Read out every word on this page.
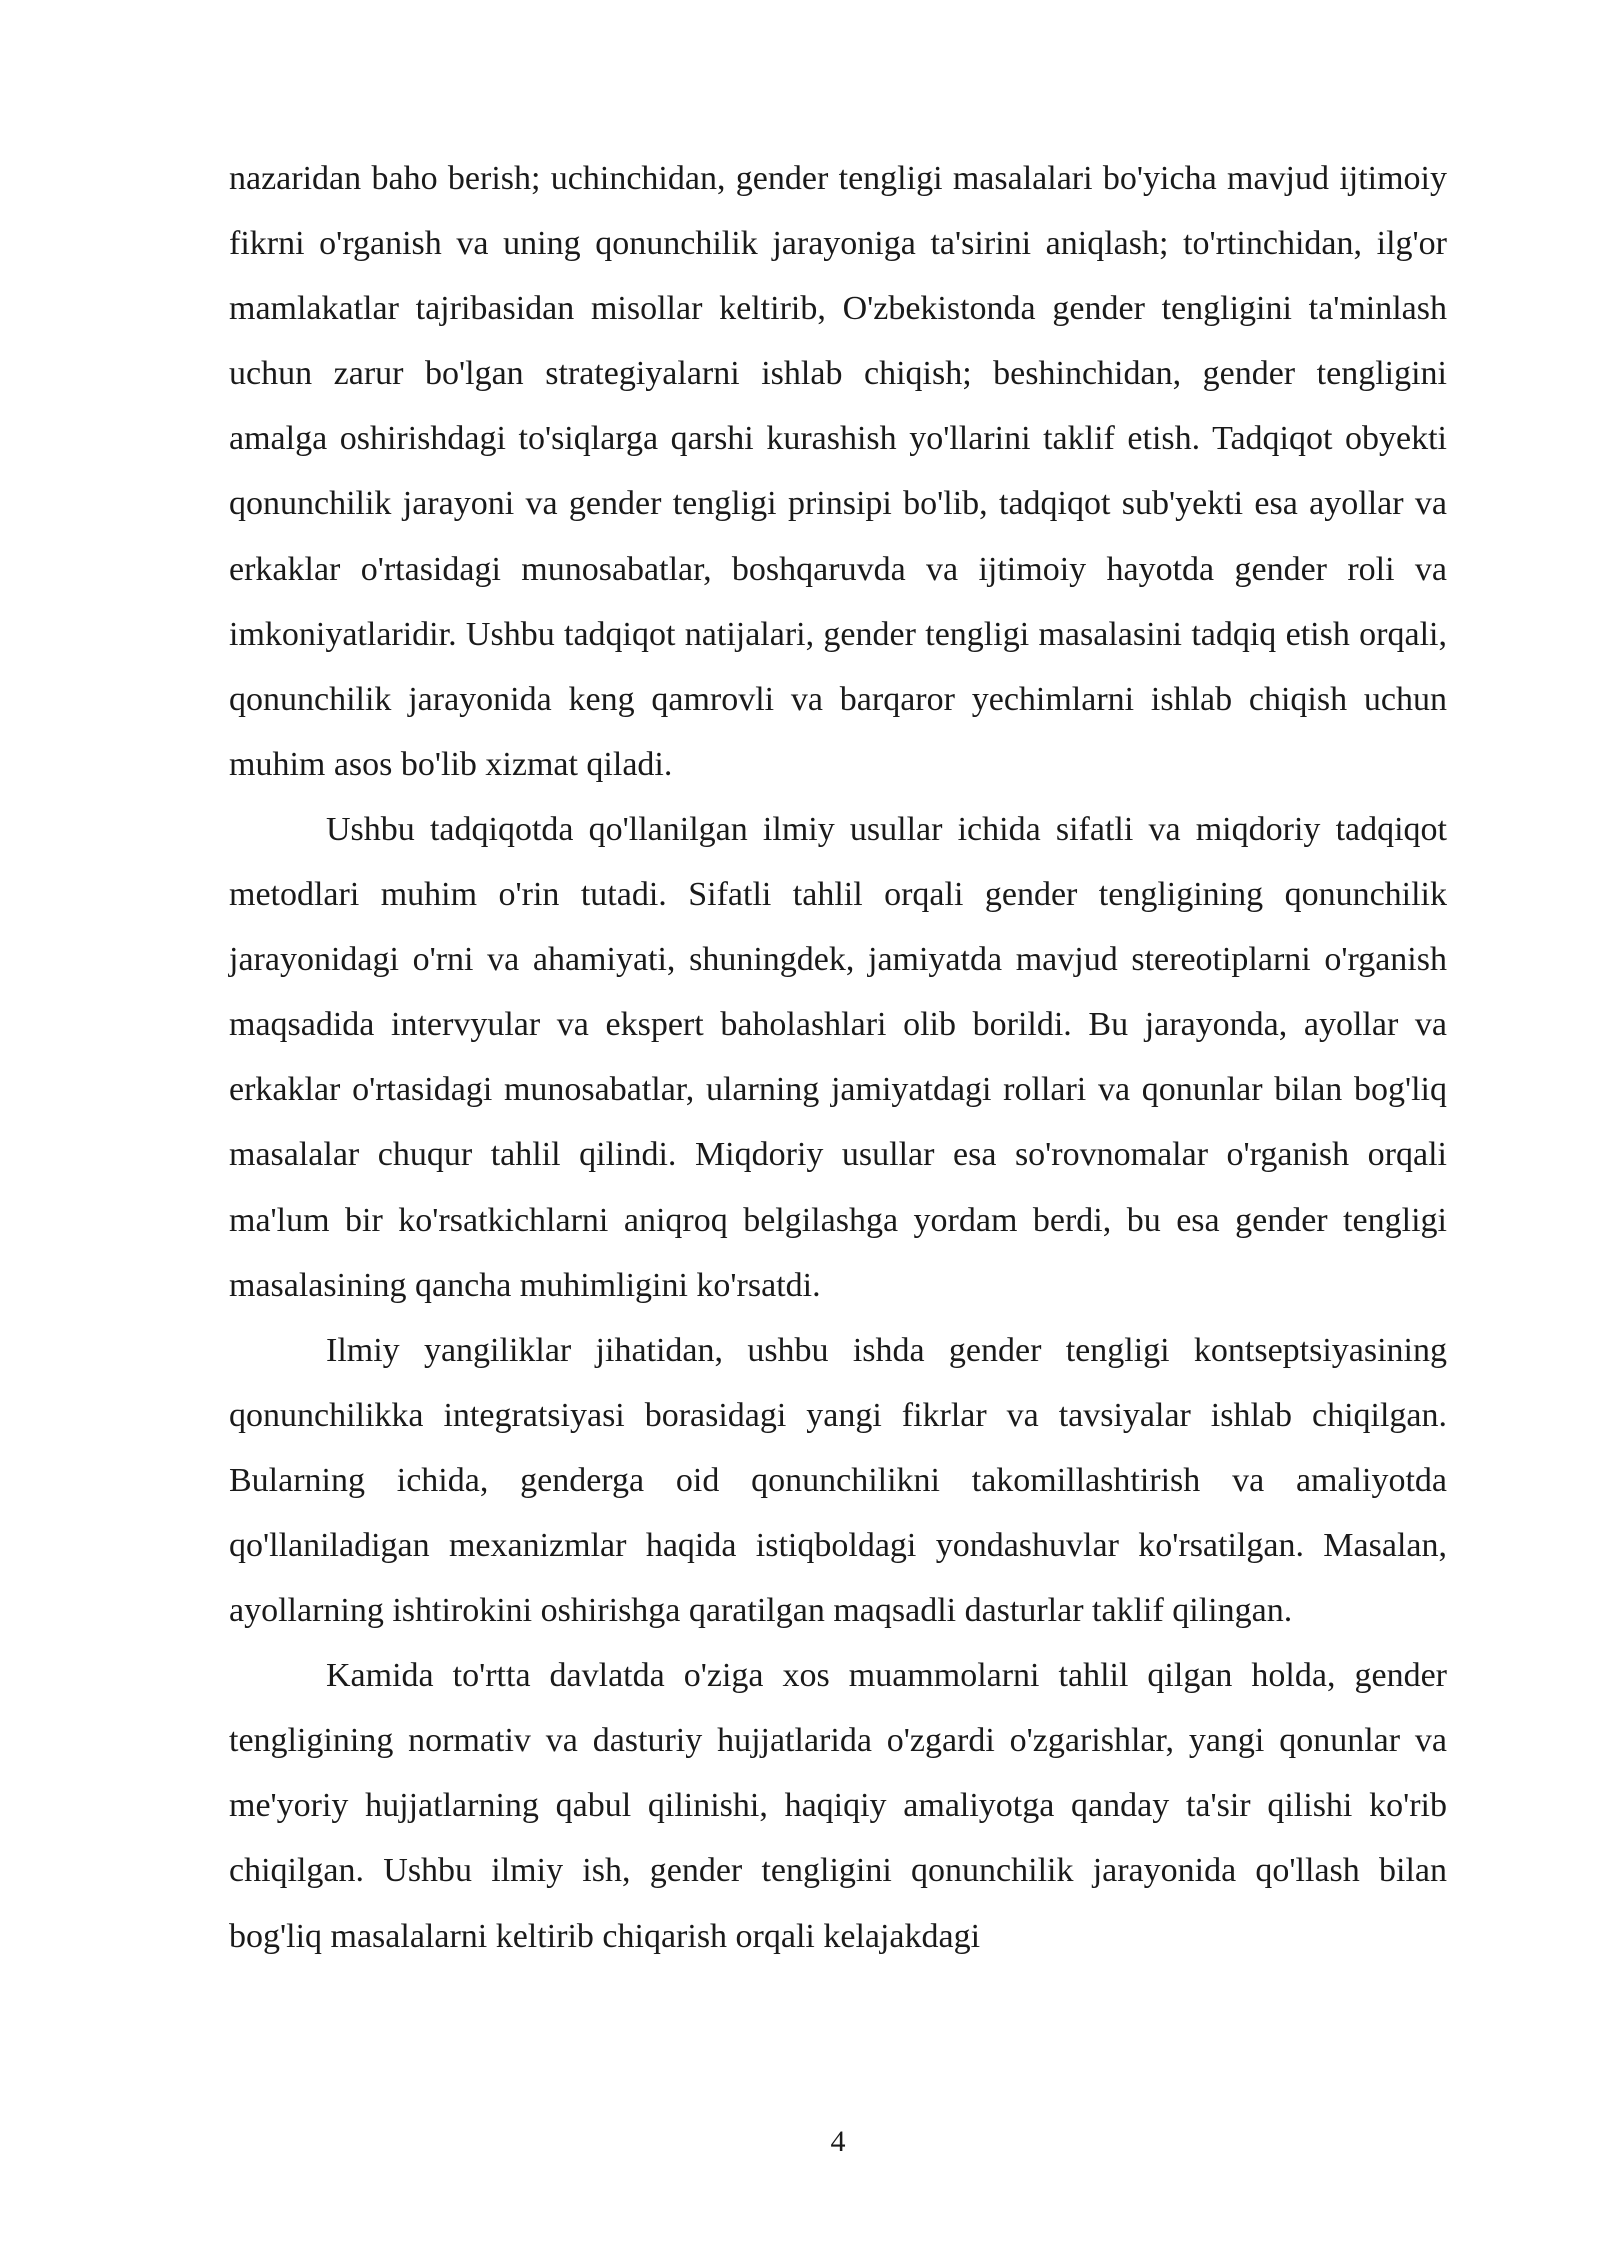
nazaridan baho berish; uchinchidan, gender tengligi masalalari bo'yicha mavjud ijtimoiy fikrni o'rganish va uning qonunchilik jarayoniga ta'sirini aniqlash; to'rtinchidan, ilg'or mamlakatlar tajribasidan misollar keltirib, O'zbekistonda gender tengligini ta'minlash uchun zarur bo'lgan strategiyalarni ishlab chiqish; beshinchidan, gender tengligini amalga oshirishdagi to'siqlarga qarshi kurashish yo'llarini taklif etish. Tadqiqot obyekti qonunchilik jarayoni va gender tengligi prinsipi bo'lib, tadqiqot sub'yekti esa ayollar va erkaklar o'rtasidagi munosabatlar, boshqaruvda va ijtimoiy hayotda gender roli va imkoniyatlaridir. Ushbu tadqiqot natijalari, gender tengligi masalasini tadqiq etish orqali, qonunchilik jarayonida keng qamrovli va barqaror yechimlarni ishlab chiqish uchun muhim asos bo'lib xizmat qiladi.

Ushbu tadqiqotda qo'llanilgan ilmiy usullar ichida sifatli va miqdoriy tadqiqot metodlari muhim o'rin tutadi. Sifatli tahlil orqali gender tengligining qonunchilik jarayonidagi o'rni va ahamiyati, shuningdek, jamiyatda mavjud stereotiplarni o'rganish maqsadida intervyular va ekspert baholashlari olib borildi. Bu jarayonda, ayollar va erkaklar o'rtasidagi munosabatlar, ularning jamiyatdagi rollari va qonunlar bilan bog'liq masalalar chuqur tahlil qilindi. Miqdoriy usullar esa so'rovnomalar o'rganish orqali ma'lum bir ko'rsatkichlarni aniqroq belgilashga yordam berdi, bu esa gender tengligi masalasining qancha muhimligini ko'rsatdi.

Ilmiy yangiliklar jihatidan, ushbu ishda gender tengligi kontseptsiyasining qonunchilikka integratsiyasi borasidagi yangi fikrlar va tavsiyalar ishlab chiqilgan. Bularning ichida, genderga oid qonunchilikni takomillashtirish va amaliyotda qo'llaniladigan mexanizmlar haqida istiqboldagi yondashuvlar ko'rsatilgan. Masalan, ayollarning ishtirokini oshirishga qaratilgan maqsadli dasturlar taklif qilingan.

Kamida to'rtta davlatda o'ziga xos muammolarni tahlil qilgan holda, gender tengligining normativ va dasturiy hujjatlarida o'zgardi o'zgarishlar, yangi qonunlar va me'yoriy hujjatlarning qabul qilinishi, haqiqiy amaliyotga qanday ta'sir qilishi ko'rib chiqilgan. Ushbu ilmiy ish, gender tengligini qonunchilik jarayonida qo'llash bilan bog'liq masalalarni keltirib chiqarish orqali kelajakdagi

4
